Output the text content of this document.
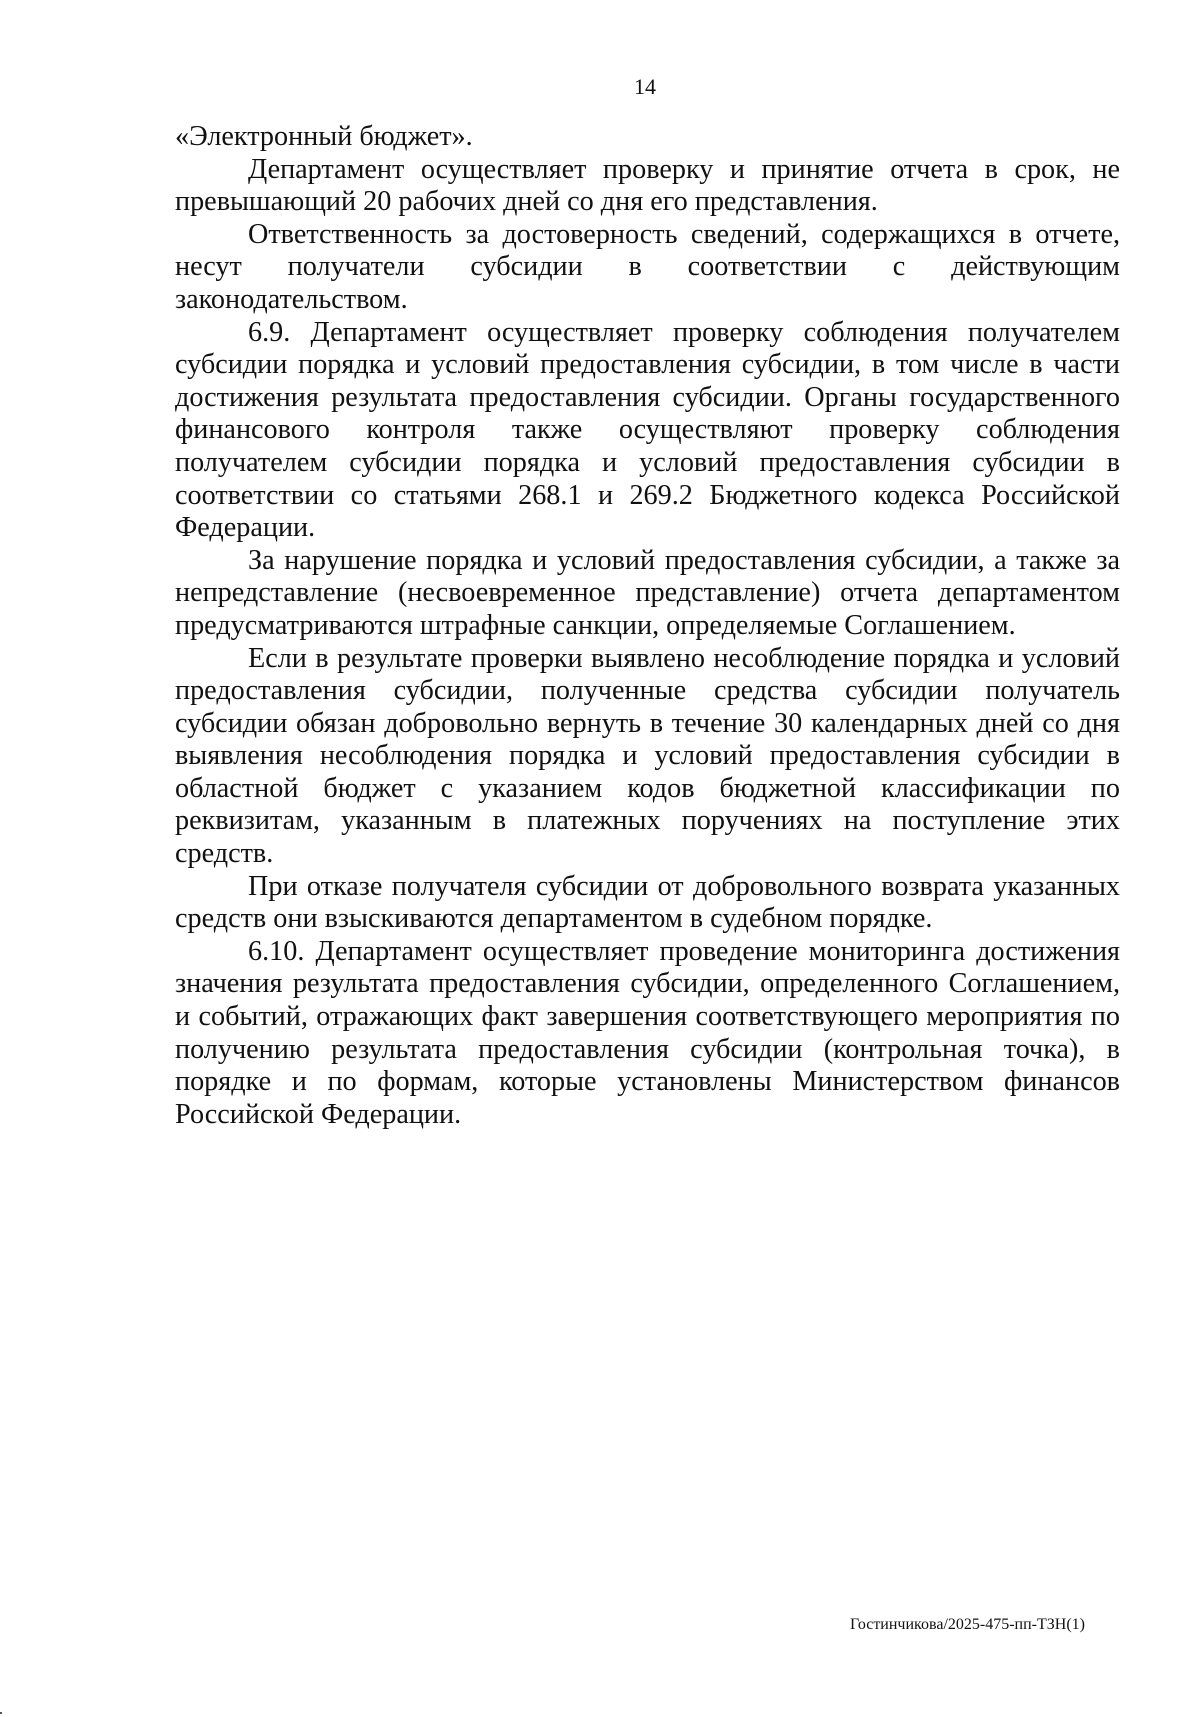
14

«Электронный бюджет».

Департамент осуществляет проверку и принятие отчета в срок, не превышающий 20 рабочих дней со дня его представления.

Ответственность за достоверность сведений, содержащихся в отчете, несут получатели субсидии в соответствии с действующим законодательством.

6.9. Департамент осуществляет проверку соблюдения получателем субсидии порядка и условий предоставления субсидии, в том числе в части достижения результата предоставления субсидии. Органы государственного финансового контроля также осуществляют проверку соблюдения получателем субсидии порядка и условий предоставления субсидии в соответствии со статьями 268.1 и 269.2 Бюджетного кодекса Российской Федерации.

За нарушение порядка и условий предоставления субсидии, а также за непредставление (несвоевременное представление) отчета департаментом предусматриваются штрафные санкции, определяемые Соглашением.

Если в результате проверки выявлено несоблюдение порядка и условий предоставления субсидии, полученные средства субсидии получатель субсидии обязан добровольно вернуть в течение 30 календарных дней со дня выявления несоблюдения порядка и условий предоставления субсидии в областной бюджет с указанием кодов бюджетной классификации по реквизитам, указанным в платежных поручениях на поступление этих средств.

При отказе получателя субсидии от добровольного возврата указанных средств они взыскиваются департаментом в судебном порядке.

6.10. Департамент осуществляет проведение мониторинга достижения значения результата предоставления субсидии, определенного Соглашением, и событий, отражающих факт завершения соответствующего мероприятия по получению результата предоставления субсидии (контрольная точка), в порядке и по формам, которые установлены Министерством финансов Российской Федерации.

Гостинчикова/2025-475-пп-ТЗН(1)
